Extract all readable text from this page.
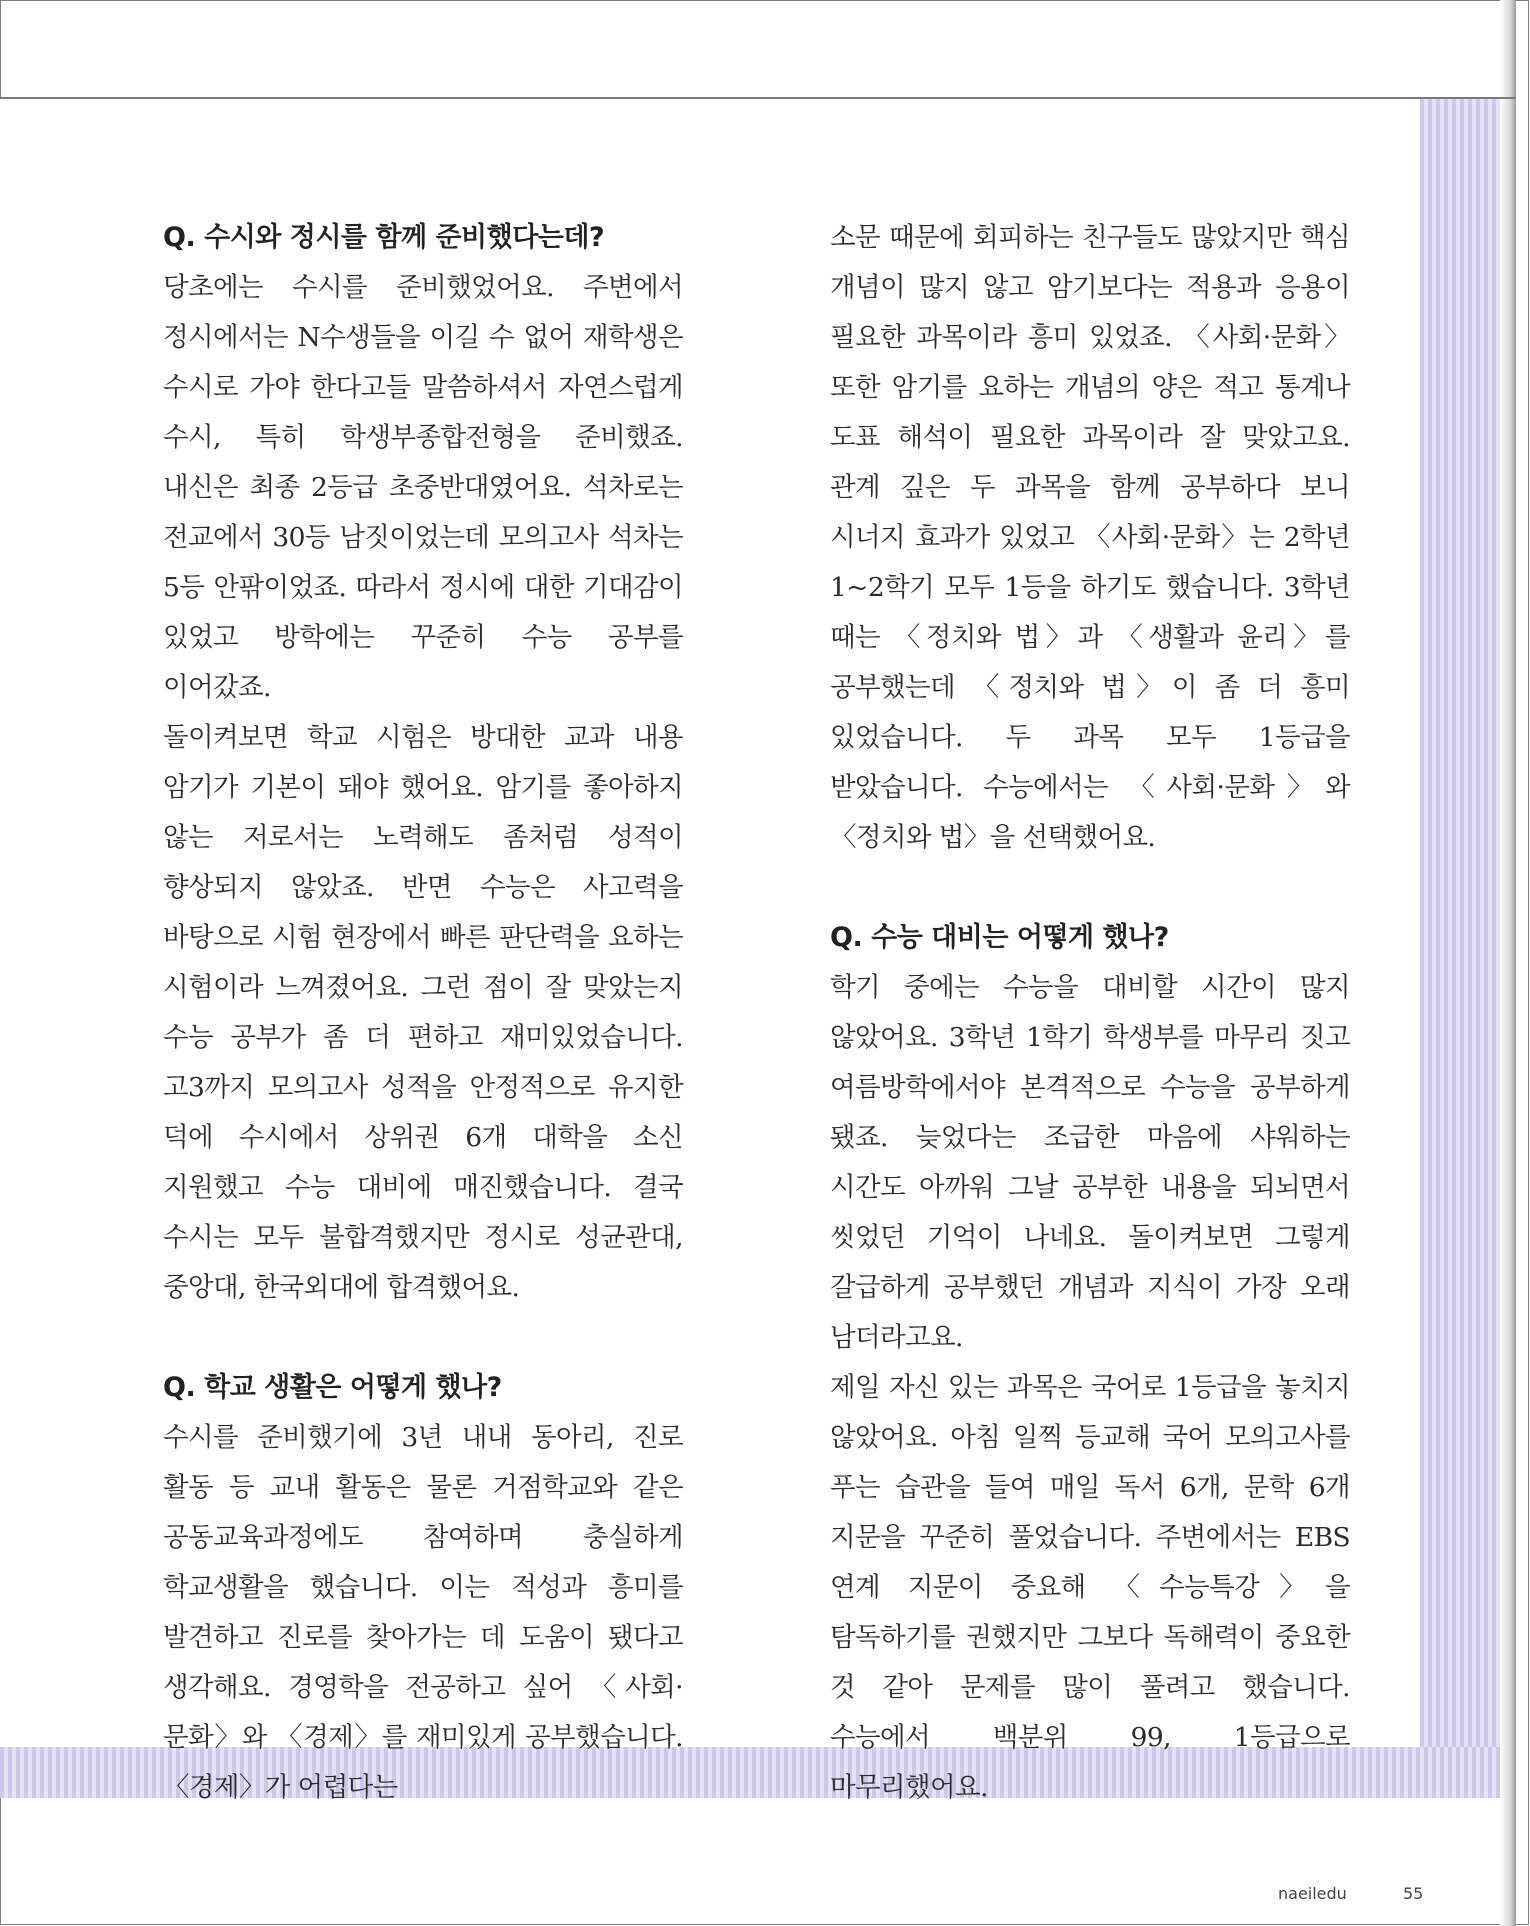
Q. 수시와 정시를 함께 준비했다는데?

당초에는 수시를 준비했었어요. 주변에서 정시에서는 N수생들을 이길 수 없어 재학생은 수시로 가야 한다고들 말씀하셔서 자연스럽게 수시, 특히 학생부종합전형을 준비했죠. 내신은 최종 2등급 초중반대였어요. 석차로는 전교에서 30등 남짓이었는데 모의고사 석차는 5등 안팎이었죠. 따라서 정시에 대한 기대감이 있었고 방학에는 꾸준히 수능 공부를 이어갔죠.

돌이켜보면 학교 시험은 방대한 교과 내용 암기가 기본이 돼야 했어요. 암기를 좋아하지 않는 저로서는 노력해도 좀처럼 성적이 향상되지 않았죠. 반면 수능은 사고력을 바탕으로 시험 현장에서 빠른 판단력을 요하는 시험이라 느껴졌어요. 그런 점이 잘 맞았는지 수능 공부가 좀 더 편하고 재미있었습니다. 고3까지 모의고사 성적을 안정적으로 유지한 덕에 수시에서 상위권 6개 대학을 소신 지원했고 수능 대비에 매진했습니다. 결국 수시는 모두 불합격했지만 정시로 성균관대, 중앙대, 한국외대에 합격했어요.

Q. 학교 생활은 어떻게 했나?

수시를 준비했기에 3년 내내 동아리, 진로 활동 등 교내 활동은 물론 거점학교와 같은 공동교육과정에도 참여하며 충실하게 학교생활을 했습니다. 이는 적성과 흥미를 발견하고 진로를 찾아가는 데 도움이 됐다고 생각해요. 경영학을 전공하고 싶어 〈사회·문화〉와 〈경제〉를 재미있게 공부했습니다. 〈경제〉가 어렵다는

소문 때문에 회피하는 친구들도 많았지만 핵심 개념이 많지 않고 암기보다는 적용과 응용이 필요한 과목이라 흥미 있었죠. 〈사회·문화〉 또한 암기를 요하는 개념의 양은 적고 통계나 도표 해석이 필요한 과목이라 잘 맞았고요. 관계 깊은 두 과목을 함께 공부하다 보니 시너지 효과가 있었고 〈사회·문화〉는 2학년 1~2학기 모두 1등을 하기도 했습니다. 3학년 때는 〈정치와 법〉과 〈생활과 윤리〉를 공부했는데 〈정치와 법〉이 좀 더 흥미 있었습니다. 두 과목 모두 1등급을 받았습니다. 수능에서는 〈사회·문화〉와 〈정치와 법〉을 선택했어요.

Q. 수능 대비는 어떻게 했나?

학기 중에는 수능을 대비할 시간이 많지 않았어요. 3학년 1학기 학생부를 마무리 짓고 여름방학에서야 본격적으로 수능을 공부하게 됐죠. 늦었다는 조급한 마음에 샤워하는 시간도 아까워 그날 공부한 내용을 되뇌면서 씻었던 기억이 나네요. 돌이켜보면 그렇게 갈급하게 공부했던 개념과 지식이 가장 오래 남더라고요.

제일 자신 있는 과목은 국어로 1등급을 놓치지 않았어요. 아침 일찍 등교해 국어 모의고사를 푸는 습관을 들여 매일 독서 6개, 문학 6개 지문을 꾸준히 풀었습니다. 주변에서는 EBS 연계 지문이 중요해 〈수능특강〉을 탐독하기를 권했지만 그보다 독해력이 중요한 것 같아 문제를 많이 풀려고 했습니다. 수능에서 백분위 99, 1등급으로 마무리했어요.

naeiledu	55
